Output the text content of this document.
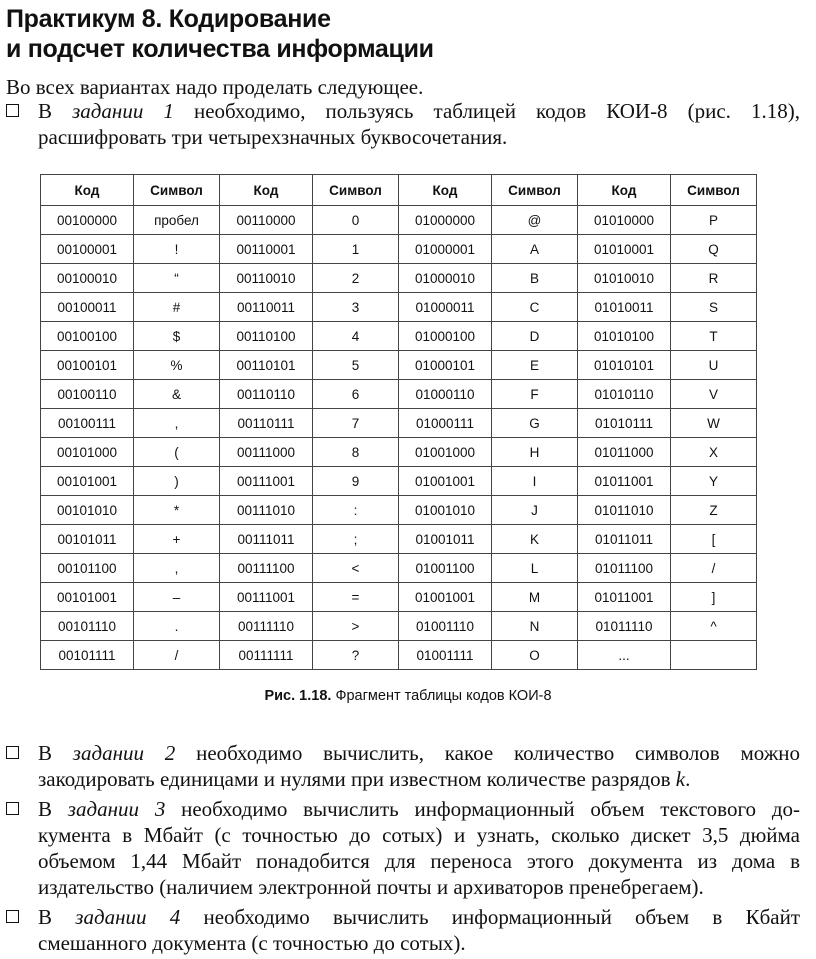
Практикум 8. Кодирование
и подсчет количества информации

Во всех вариантах надо проделать следующее.

В задании 1 необходимо, пользуясь таблицей кодов КОИ-8 (рис. 1.18),
расшифровать три четырехзначных буквосочетания.
Код	Символ	Код	Символ	Код	Символ	Код	Символ
00100000	пробел	00110000	0	01000000	@	01010000	P
00100001	!	00110001	1	01000001	A	01010001	Q
00100010	“	00110010	2	01000010	B	01010010	R
00100011	#	00110011	3	01000011	C	01010011	S
00100100	$	00110100	4	01000100	D	01010100	T
00100101	%	00110101	5	01000101	E	01010101	U
00100110	&	00110110	6	01000110	F	01010110	V
00100111	,	00110111	7	01000111	G	01010111	W
00101000	(	00111000	8	01001000	H	01011000	X
00101001	)	00111001	9	01001001	I	01011001	Y
00101010	*	00111010	:	01001010	J	01011010	Z
00101011	+	00111011	;	01001011	K	01011011	[
00101100	,	00111100	<	01001100	L	01011100	/
00101001	–	00111001	=	01001001	M	01011001	]
00101110	.	00111110	>	01001110	N	01011110	^
00101111	/	00111111	?	01001111	O	...	

Рис. 1.18. Фрагмент таблицы кодов КОИ-8

В задании 2 необходимо вычислить, какое количество символов можно
закодировать единицами и нулями при известном количестве разрядов k.
В задании 3 необходимо вычислить информационный объем текстового до-
кумента в Мбайт (с точностью до сотых) и узнать, сколько дискет 3,5 дюйма
объемом 1,44 Мбайт понадобится для переноса этого документа из дома в
издательство (наличием электронной почты и архиваторов пренебрегаем).
В задании 4 необходимо вычислить информационный объем в Кбайт
смешанного документа (с точностью до сотых).
